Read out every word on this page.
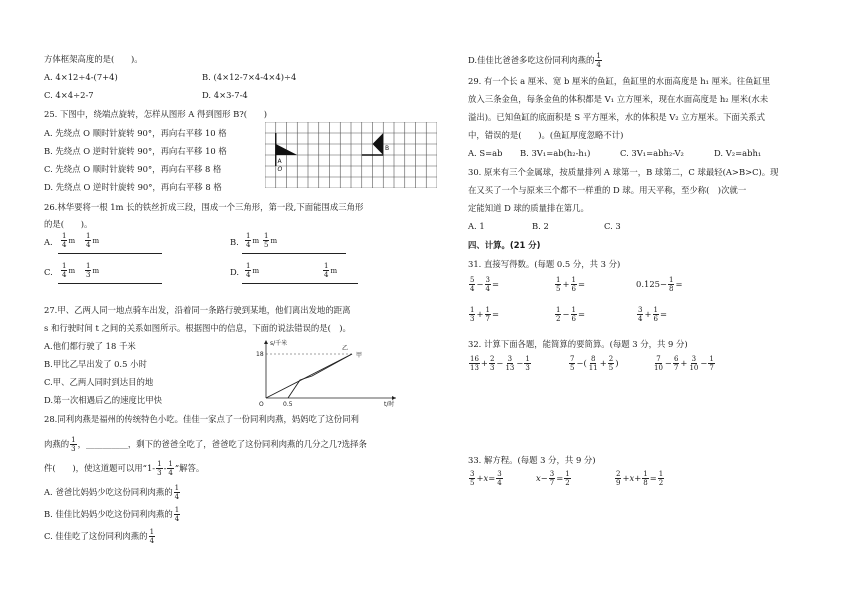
方体框架高度的是(　　)。
A. 4×12÷4-(7+4)	B. (4×12-7×4-4×4)÷4
C. 4×4÷2-7	D. 4×3-7-4
25. 下图中，绕端点旋转，怎样从图形 A 得到图形 B?(　　)
A. 先绕点 O 顺时针旋转 90°，再向右平移 10 格
B. 先绕点 O 逆时针旋转 90°，再向右平移 10 格
C. 先绕点 O 顺时针旋转 90°，再向右平移 8 格
D. 先绕点 O 逆时针旋转 90°，再向右平移 8 格
A
O
B
26.林华要将一根 1m 长的铁丝折成三段，围成一个三角形，第一段,下面能围成三角形
的是(　　)。
A. $\frac{1}{4}$ m $\frac{1}{4}$ m	B. $\frac{1}{4}$ m $\frac{1}{5}$ m
C. $\frac{1}{4}$ m $\frac{1}{3}$ m	D. $\frac{1}{4}$ m	$\frac{1}{4}$ m
27.甲、乙两人同一地点骑车出发，沿着同一条路行驶到某地，他们离出发地的距离
s 和行驶时间 t 之间的关系如图所示。根据图中的信息，下面的说法错误的是(　)。
A.他们都行驶了 18 千米
B.甲比乙早出发了 0.5 小时
C.甲、乙两人同时到达目的地
D.第一次相遇后乙的速度比甲快
s/千米
18
O	0.5	t/时
乙
甲
28.同利肉燕是福州的传统特色小吃。佳佳一家点了一份同利肉燕，妈妈吃了这份同利
肉燕的 $\frac{1}{3}$ ，__________，剩下的爸爸全吃了，爸爸吃了这份同利肉燕的几分之几?选择条
件(　　)，使这道题可以用“$1- \frac{1}{3} - \frac{1}{4}$ ”解答。
A. 爸爸比妈妈少吃这份同利肉燕的 $\frac{1}{4}$
B. 佳佳比妈妈少吃这份同利肉燕的 $\frac{1}{4}$
C. 佳佳吃了这份同利肉燕的 $\frac{1}{4}$
D.佳佳比爸爸多吃这份同利肉燕的 $\frac{1}{4}$
29. 有一个长 a 厘米、宽 b 厘米的鱼缸，鱼缸里的水面高度是 h₁ 厘米。往鱼缸里
放入三条金鱼，每条金鱼的体积都是 V₁ 立方厘米，现在水面高度是 h₂ 厘米(水未
溢出)。已知鱼缸的底面积是 S 平方厘米，水的体积是 V₂ 立方厘米。下面关系式
中，错误的是(　　)。(鱼缸厚度忽略不计)
A. S=ab B. 3V₁=ab(h₂-h₁)	C. 3V₁=abh₂-V₂	D. V₂=abh₁
30. 原来有三个金属球，按质量排列 A 球第一，B 球第二，C 球最轻(A>B>C)。现
在又买了一个与原来三个都不一样重的 D 球。用天平称，至少称(　)次就一
定能知道 D 球的质量排在第几。
A. 1	B. 2	C. 3
四、计算。(21 分)
31. 直接写得数。(每题 0.5 分，共 3 分)
$\frac{5}{4} - \frac{3}{4}$ =	$\frac{1}{5} + \frac{1}{6}$ =	$0.125- \frac{1}{8}$ =
$\frac{1}{3} + \frac{1}{7}$ =	$\frac{1}{2} - \frac{1}{6}$ =	$\frac{3}{4} + \frac{1}{6}$ =
32. 计算下面各题，能简算的要简算。(每题 3 分，共 9 分)
$\frac{16}{13} + \frac{2}{3} - \frac{3}{13} - \frac{1}{3}$	$\frac{7}{5}$ −( $\frac{8}{11} + \frac{2}{5}$ )	$\frac{7}{10} - \frac{6}{7} + \frac{3}{10} - \frac{1}{7}$
33. 解方程。(每题 3 分，共 9 分)
$\frac{3}{5} +x= \frac{3}{4}$	$x- \frac{3}{7} = \frac{1}{2}$	$\frac{2}{9} +x+ \frac{1}{8} = \frac{1}{2}$
